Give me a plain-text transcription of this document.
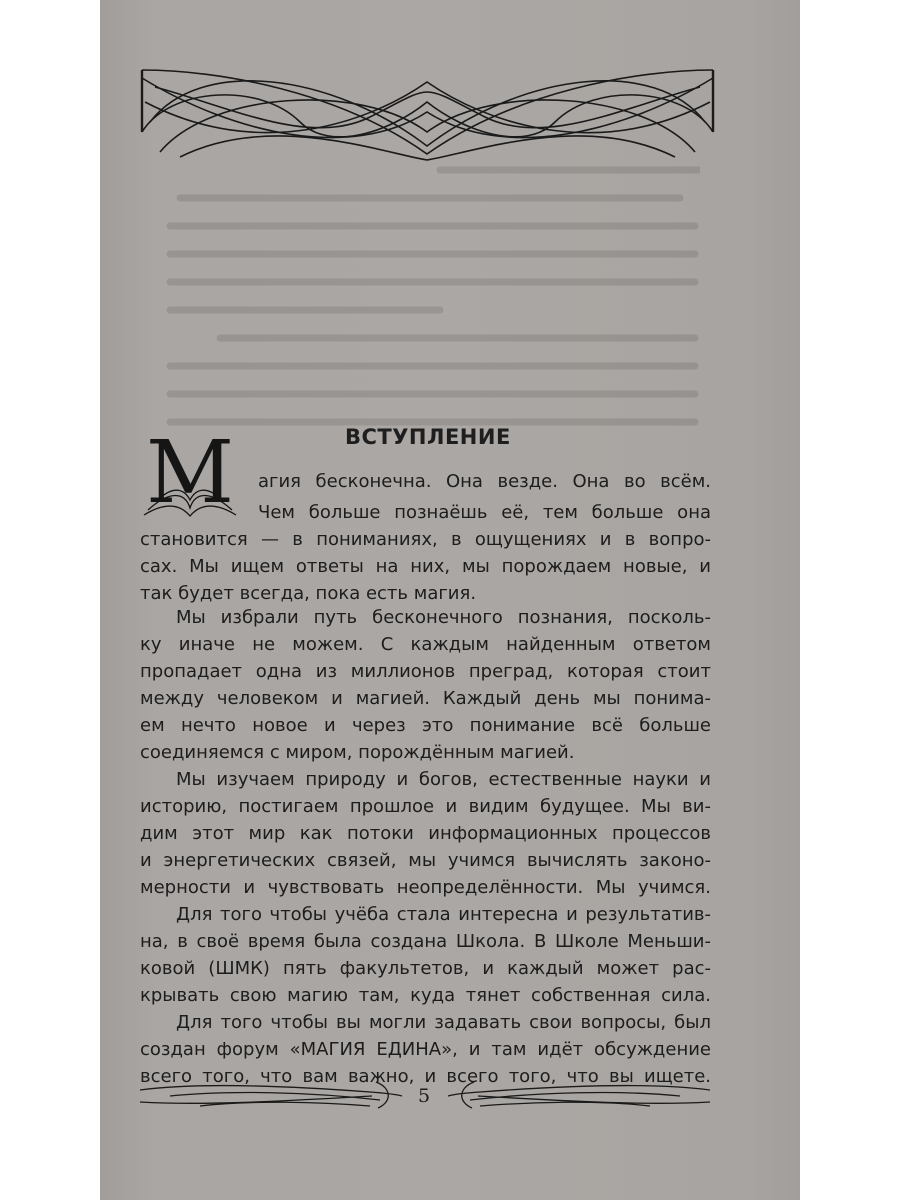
ВСТУПЛЕНИЕ
М агия бесконечна. Она везде. Она во всём.
Чем больше познаёшь её, тем больше она
становится — в пониманиях, в ощущениях и в вопро-
сах. Мы ищем ответы на них, мы порождаем новые, и
так будет всегда, пока есть магия.
Мы избрали путь бесконечного познания, посколь-
ку иначе не можем. С каждым найденным ответом
пропадает одна из миллионов преград, которая стоит
между человеком и магией. Каждый день мы понима-
ем нечто новое и через это понимание всё больше
соединяемся с миром, порождённым магией.
Мы изучаем природу и богов, естественные науки и
историю, постигаем прошлое и видим будущее. Мы ви-
дим этот мир как потоки информационных процессов
и энергетических связей, мы учимся вычислять законо-
мерности и чувствовать неопределённости. Мы учимся.
Для того чтобы учёба стала интересна и результатив-
на, в своё время была создана Школа. В Школе Меньши-
ковой (ШМК) пять факультетов, и каждый может рас-
крывать свою магию там, куда тянет собственная сила.
Для того чтобы вы могли задавать свои вопросы, был
создан форум «МАГИЯ ЕДИНА», и там идёт обсуждение
всего того, что вам важно, и всего того, что вы ищете.
5
